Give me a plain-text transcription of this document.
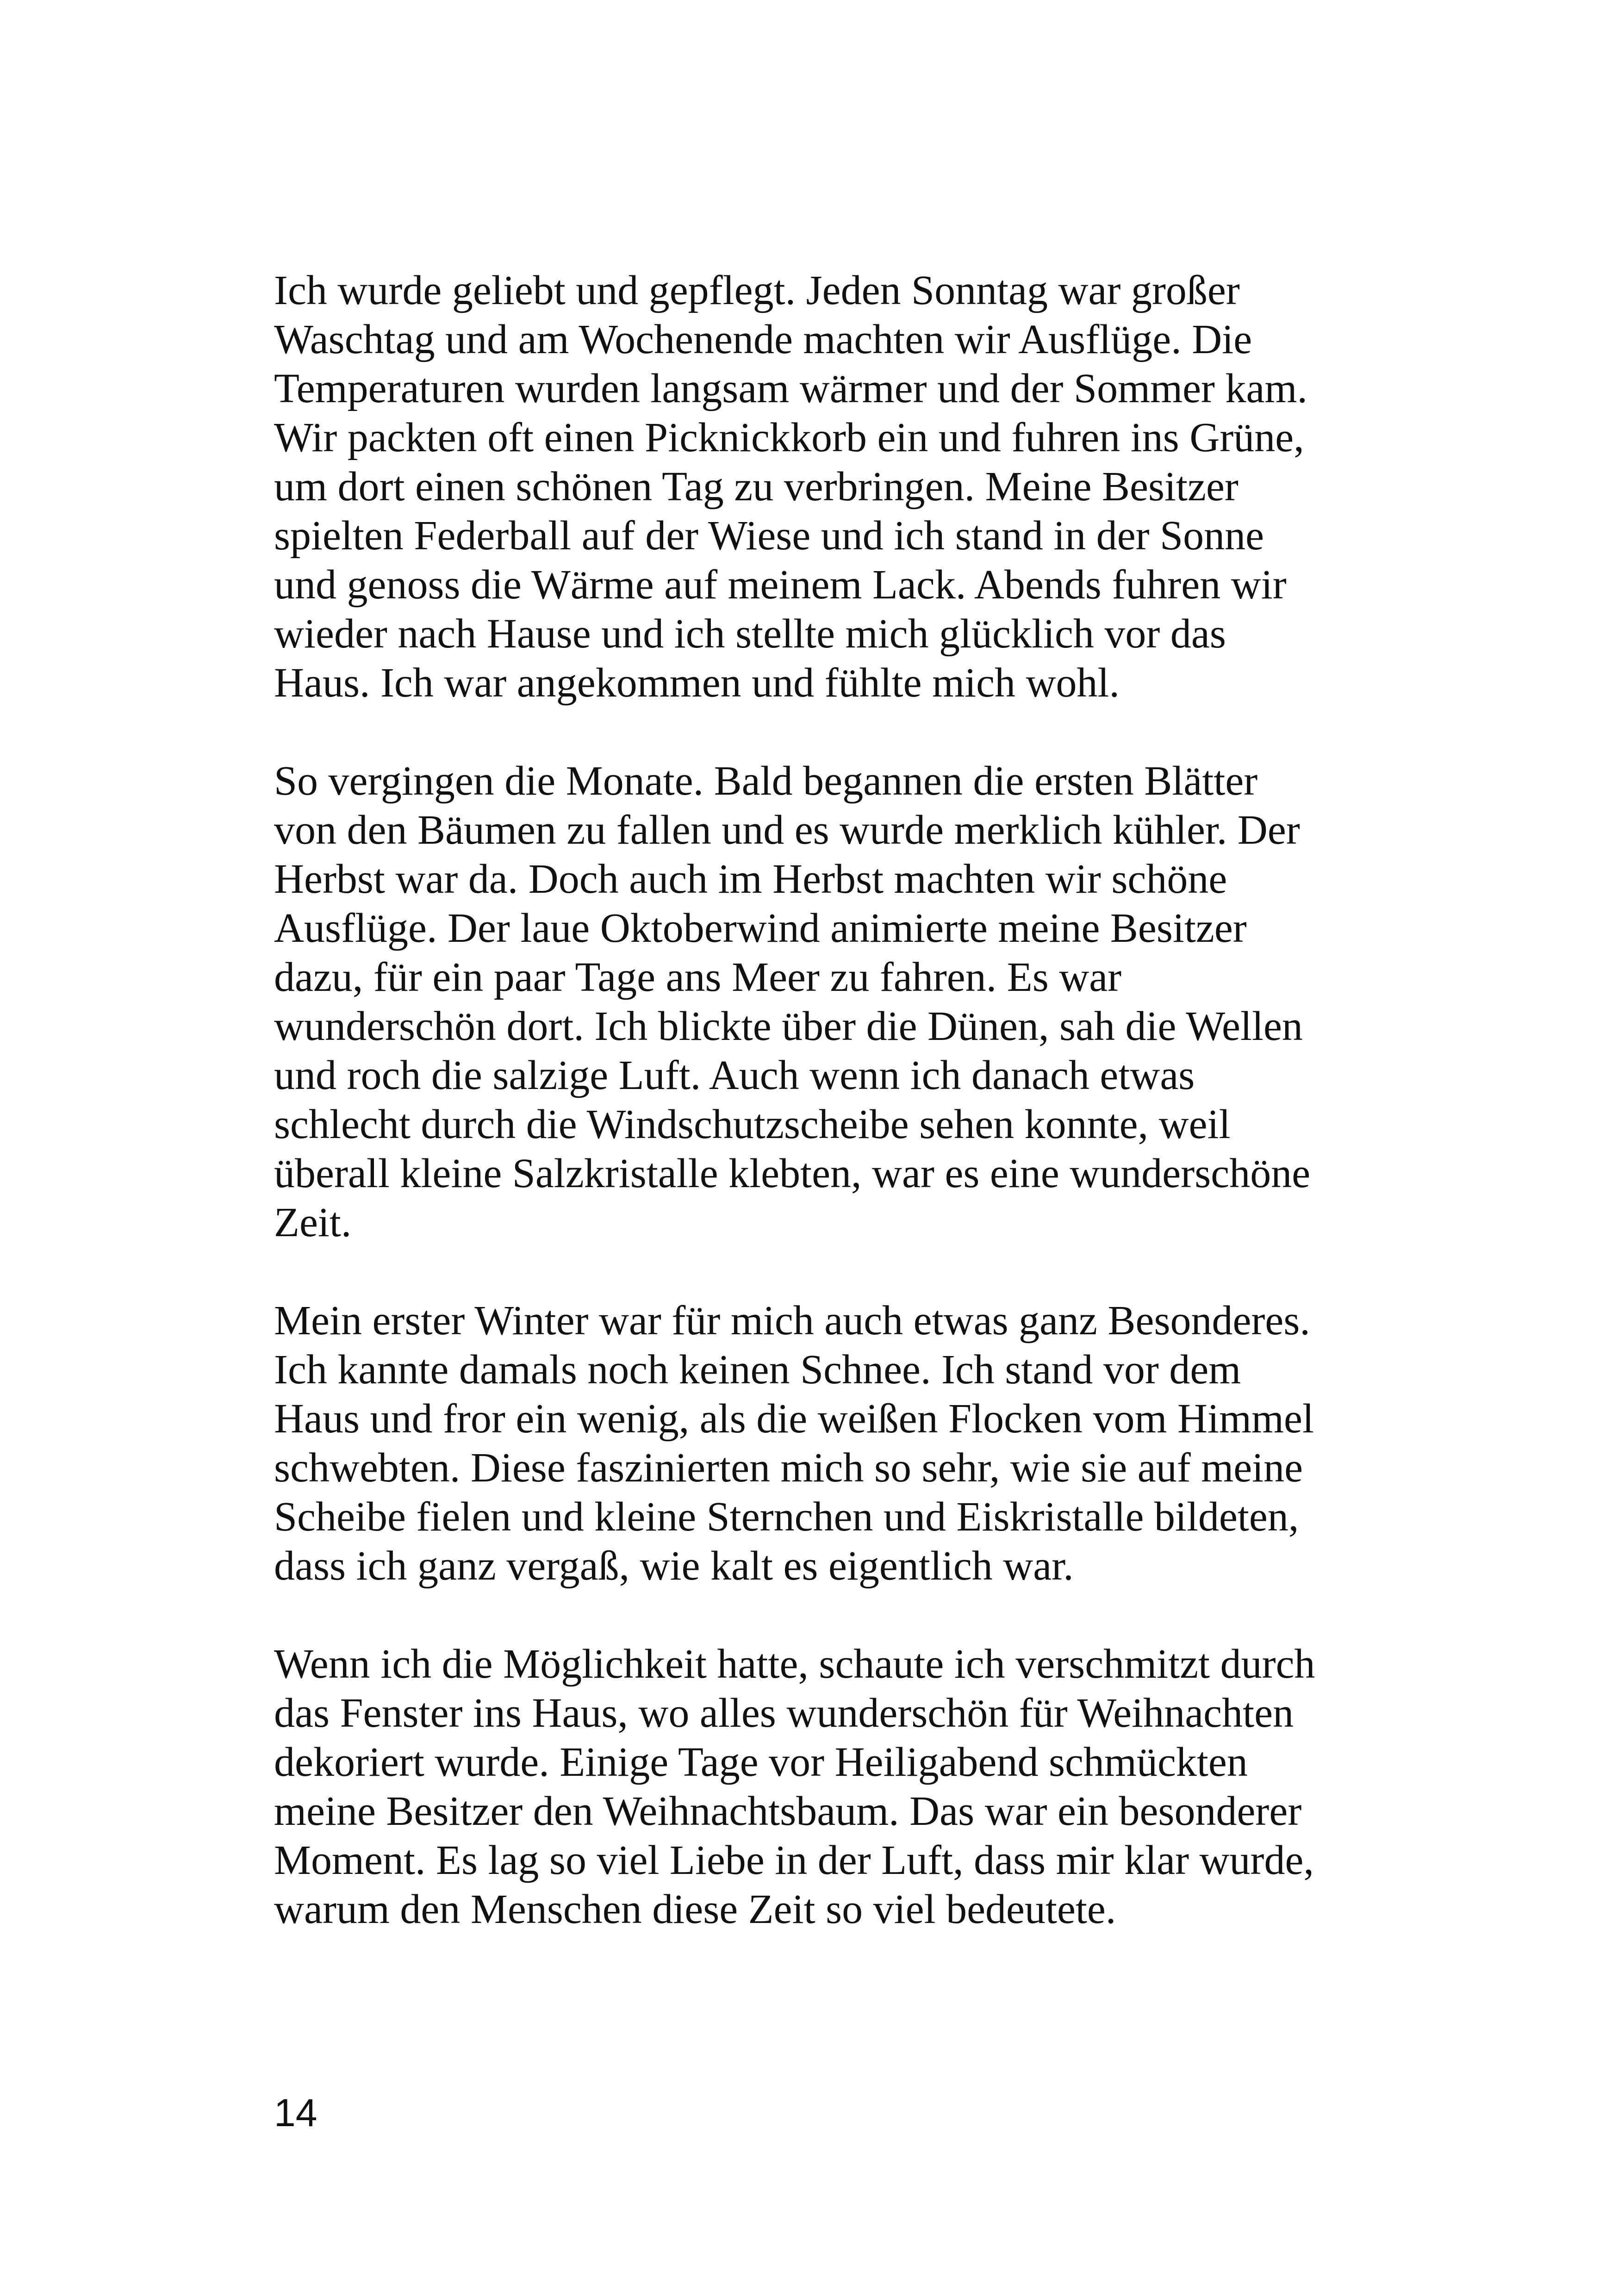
Ich wurde geliebt und gepflegt. Jeden Sonntag war großer
Waschtag und am Wochenende machten wir Ausflüge. Die
Temperaturen wurden langsam wärmer und der Sommer kam.
Wir packten oft einen Picknickkorb ein und fuhren ins Grüne,
um dort einen schönen Tag zu verbringen. Meine Besitzer
spielten Federball auf der Wiese und ich stand in der Sonne
und genoss die Wärme auf meinem Lack. Abends fuhren wir
wieder nach Hause und ich stellte mich glücklich vor das
Haus. Ich war angekommen und fühlte mich wohl.

So vergingen die Monate. Bald begannen die ersten Blätter
von den Bäumen zu fallen und es wurde merklich kühler. Der
Herbst war da. Doch auch im Herbst machten wir schöne
Ausflüge. Der laue Oktoberwind animierte meine Besitzer
dazu, für ein paar Tage ans Meer zu fahren. Es war
wunderschön dort. Ich blickte über die Dünen, sah die Wellen
und roch die salzige Luft. Auch wenn ich danach etwas
schlecht durch die Windschutzscheibe sehen konnte, weil
überall kleine Salzkristalle klebten, war es eine wunderschöne
Zeit.

Mein erster Winter war für mich auch etwas ganz Besonderes.
Ich kannte damals noch keinen Schnee. Ich stand vor dem
Haus und fror ein wenig, als die weißen Flocken vom Himmel
schwebten. Diese faszinierten mich so sehr, wie sie auf meine
Scheibe fielen und kleine Sternchen und Eiskristalle bildeten,
dass ich ganz vergaß, wie kalt es eigentlich war.

Wenn ich die Möglichkeit hatte, schaute ich verschmitzt durch
das Fenster ins Haus, wo alles wunderschön für Weihnachten
dekoriert wurde. Einige Tage vor Heiligabend schmückten
meine Besitzer den Weihnachtsbaum. Das war ein besonderer
Moment. Es lag so viel Liebe in der Luft, dass mir klar wurde,
warum den Menschen diese Zeit so viel bedeutete.

14
